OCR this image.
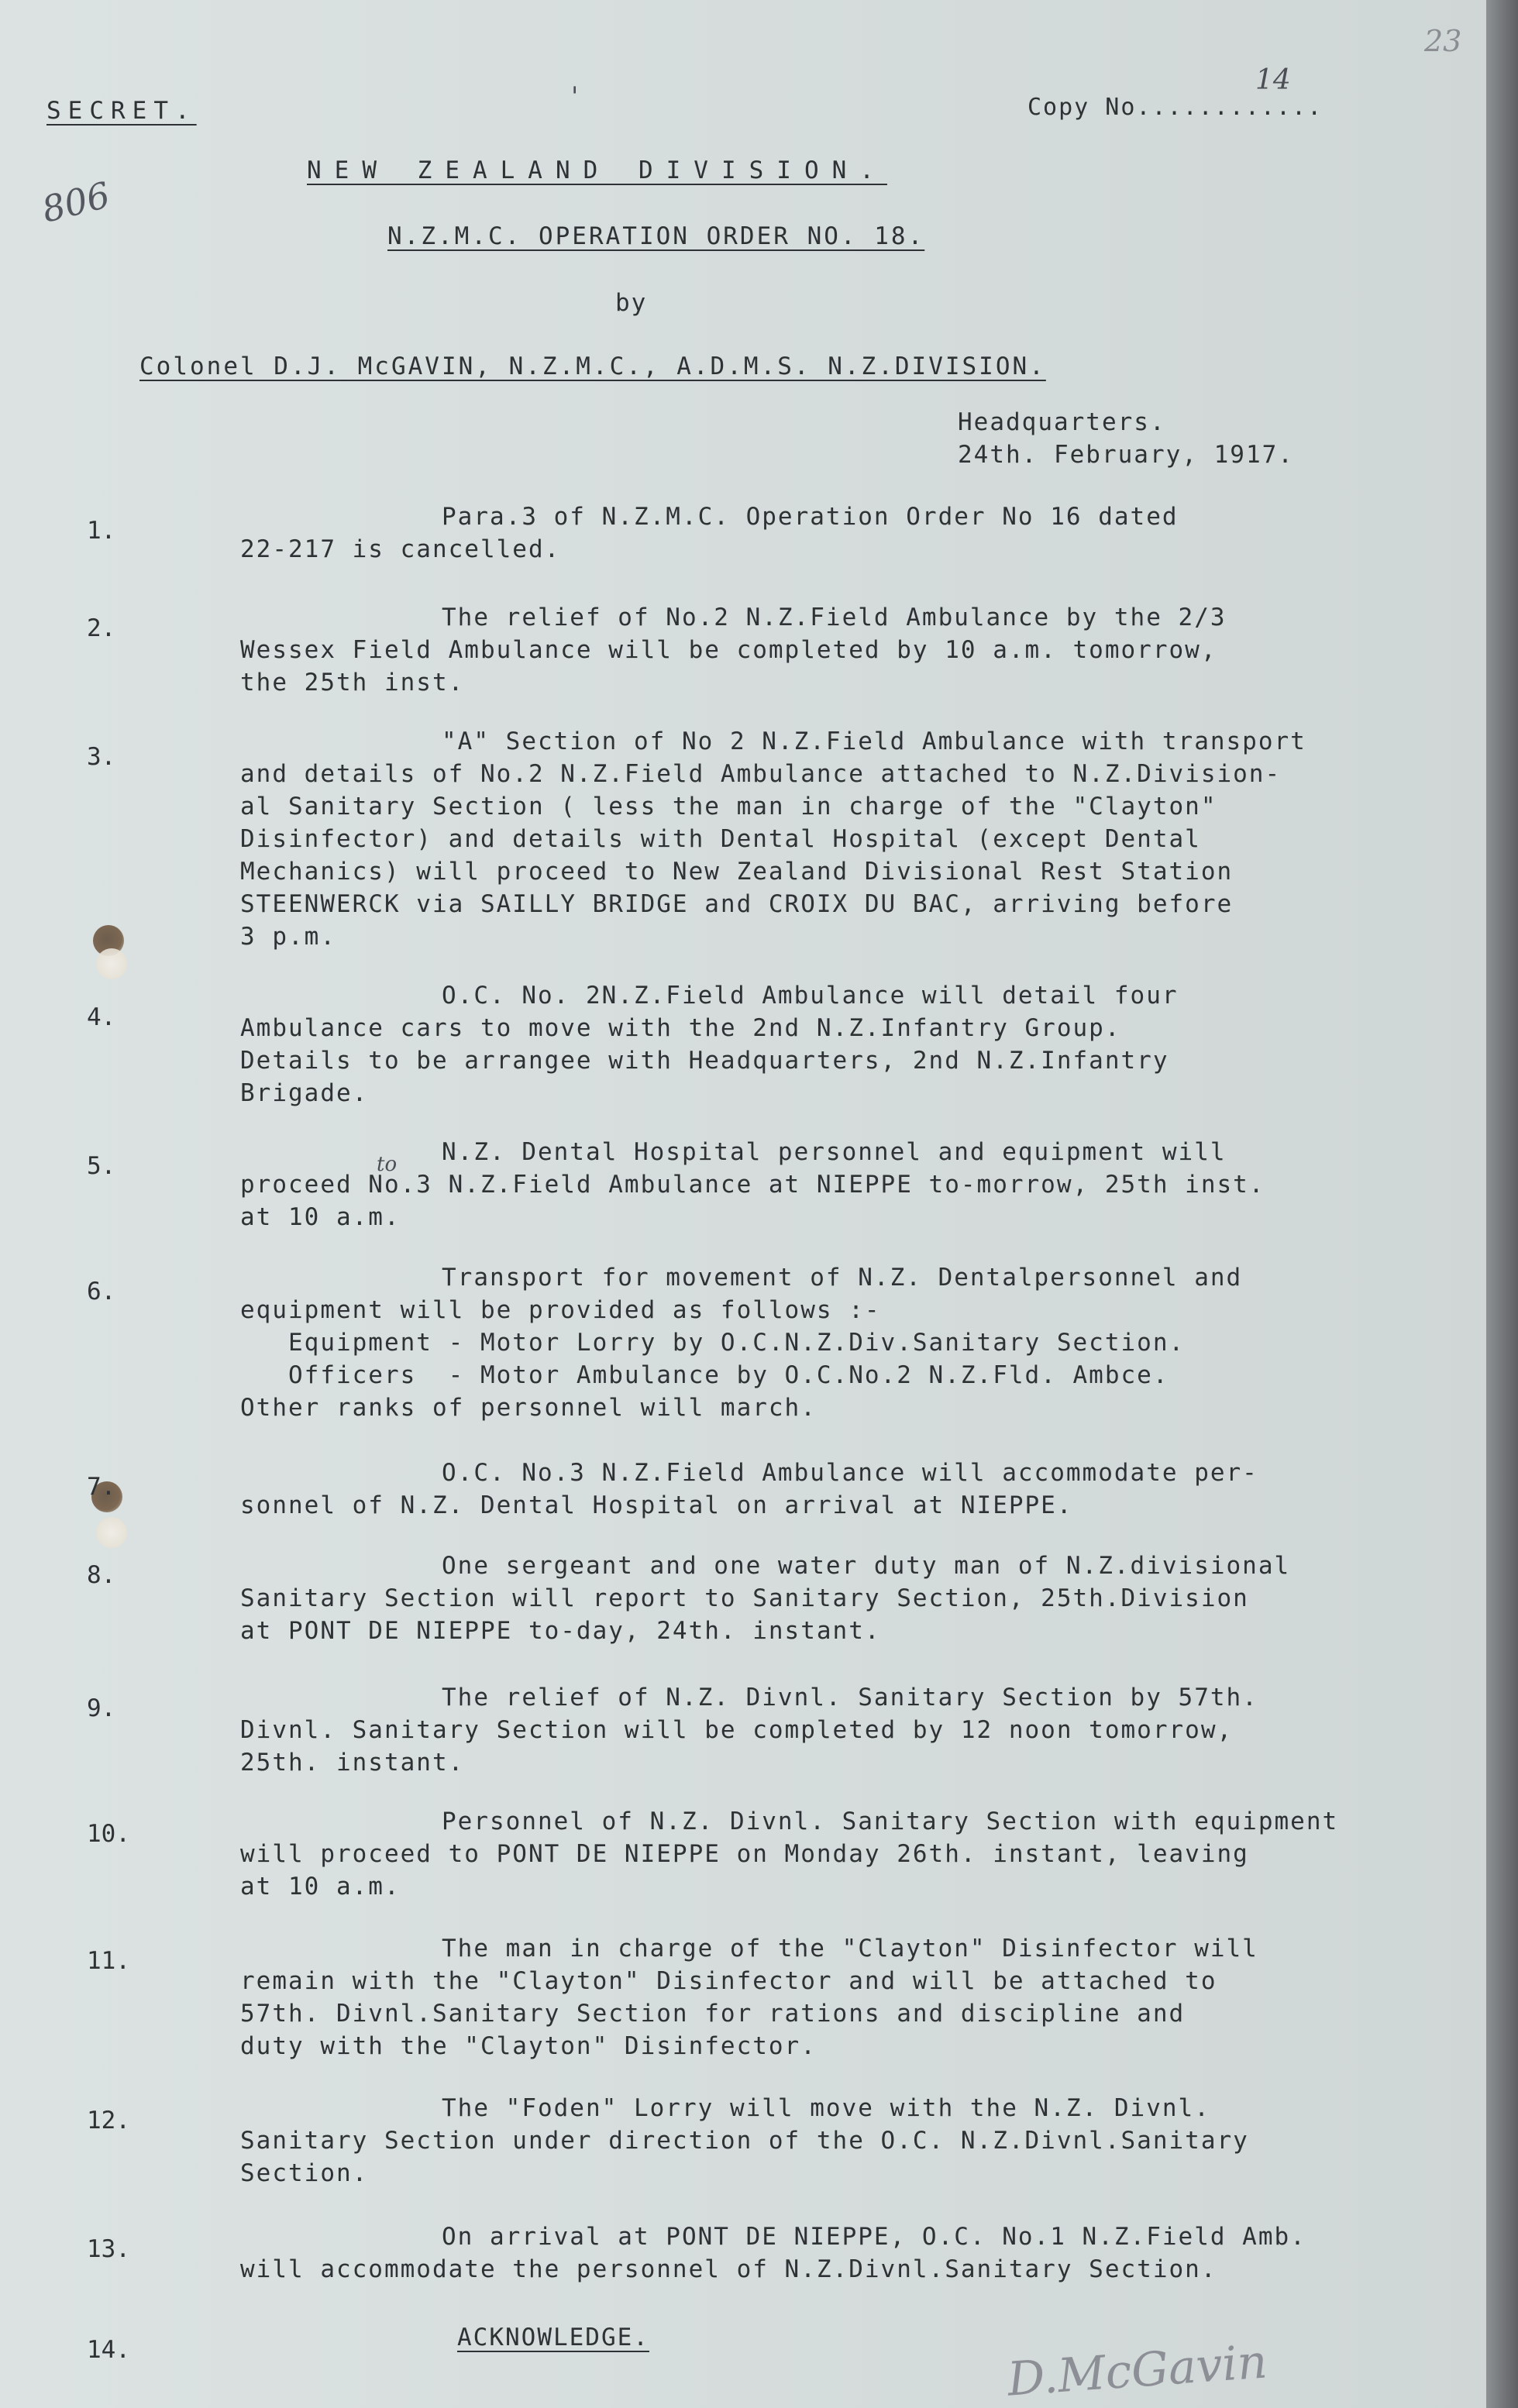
SECRET.	'	Copy No............
14
23
806
NEW ZEALAND DIVISION.
N.Z.M.C. OPERATION ORDER NO. 18.
by
Colonel D.J. McGAVIN, N.Z.M.C., A.D.M.S. N.Z.DIVISION.
Headquarters.
24th. February, 1917.
1.	Para.3 of N.Z.M.C. Operation Order No 16 dated
22-217 is cancelled.
2.	The relief of No.2 N.Z.Field Ambulance by the 2/3
Wessex Field Ambulance will be completed by 10 a.m. tomorrow,
the 25th inst.
3.
"A" Section of No 2 N.Z.Field Ambulance with transport
and details of No.2 N.Z.Field Ambulance attached to N.Z.Division-
al Sanitary Section ( less the man in charge of the "Clayton"
Disinfector) and details with Dental Hospital (except Dental
Mechanics) will proceed to New Zealand Divisional Rest Station
STEENWERCK via SAILLY BRIDGE and CROIX DU BAC, arriving before
3 p.m.
4.
O.C. No. 2N.Z.Field Ambulance will detail four
Ambulance cars to move with the 2nd N.Z.Infantry Group.
Details to be arrangee with Headquarters, 2nd N.Z.Infantry
Brigade.
5.	to	N.Z. Dental Hospital personnel and equipment will
proceed No.3 N.Z.Field Ambulance at NIEPPE to-morrow, 25th inst.
at 10 a.m.
6.	Transport for movement of N.Z. Dentalpersonnel and
equipment will be provided as follows :-
Equipment - Motor Lorry by O.C.N.Z.Div.Sanitary Section.
Officers  - Motor Ambulance by O.C.No.2 N.Z.Fld. Ambce.
Other ranks of personnel will march.
7.	O.C. No.3 N.Z.Field Ambulance will accommodate per-
sonnel of N.Z. Dental Hospital on arrival at NIEPPE.
8.	One sergeant and one water duty man of N.Z.divisional
Sanitary Section will report to Sanitary Section, 25th.Division
at PONT DE NIEPPE to-day, 24th. instant.
9.	The relief of N.Z. Divnl. Sanitary Section by 57th.
Divnl. Sanitary Section will be completed by 12 noon tomorrow,
25th. instant.
10.	Personnel of N.Z. Divnl. Sanitary Section with equipment
will proceed to PONT DE NIEPPE on Monday 26th. instant, leaving
at 10 a.m.
11.	The man in charge of the "Clayton" Disinfector will
remain with the "Clayton" Disinfector and will be attached to
57th. Divnl.Sanitary Section for rations and discipline and
duty with the "Clayton" Disinfector.
12.	The "Foden" Lorry will move with the N.Z. Divnl.
Sanitary Section under direction of the O.C. N.Z.Divnl.Sanitary
Section.
13.	On arrival at PONT DE NIEPPE, O.C. No.1 N.Z.Field Amb.
will accommodate the personnel of N.Z.Divnl.Sanitary Section.
14.	ACKNOWLEDGE.	D.McGavin
